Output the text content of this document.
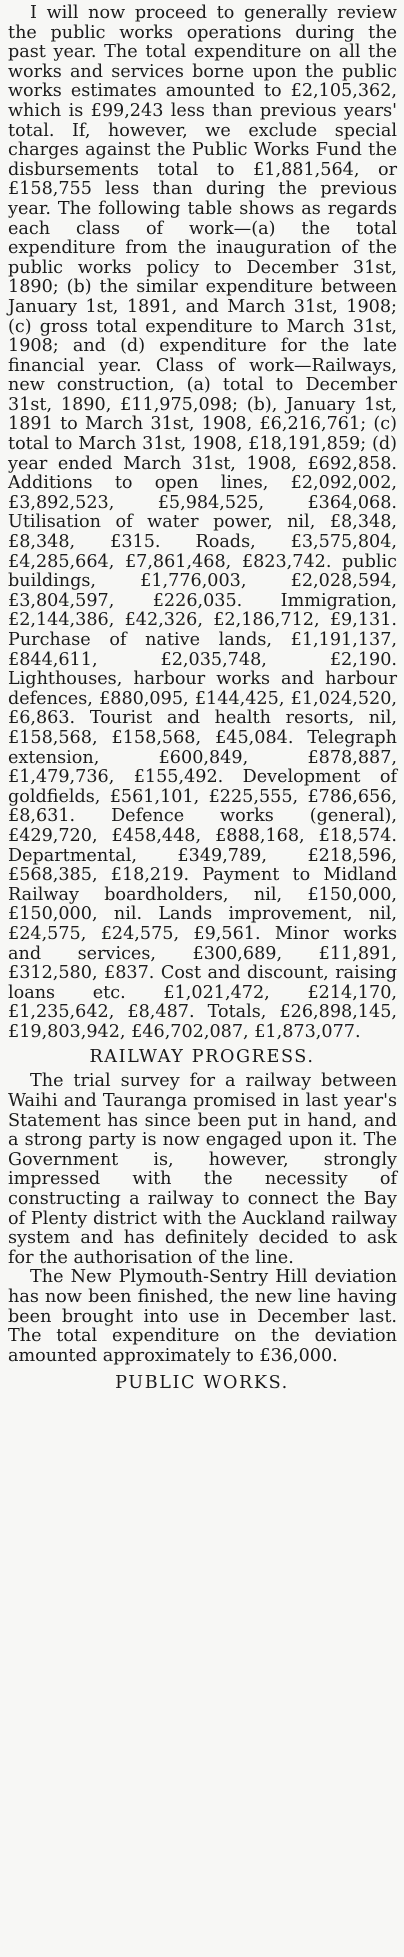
I will now proceed to generally review the public works operations during the past year. The total expenditure on all the works and services borne upon the public works estimates amounted to £2,105,362, which is £99,243 less than previous years' total. If, however, we exclude special charges against the Public Works Fund the disbursements total to £1,881,564, or £158,755 less than during the previous year. The following table shows as regards each class of work—(a) the total expenditure from the inauguration of the public works policy to December 31st, 1890; (b) the similar expenditure between January 1st, 1891, and March 31st, 1908; (c) gross total expenditure to March 31st, 1908; and (d) expenditure for the late financial year. Class of work—Railways, new construction, (a) total to December 31st, 1890, £11,975,098; (b), January 1st, 1891 to March 31st, 1908, £6,216,761; (c) total to March 31st, 1908, £18,191,859; (d) year ended March 31st, 1908, £692,858. Additions to open lines, £2,092,002, £3,892,523, £5,984,525, £364,068. Utilisation of water power, nil, £8,348, £8,348, £315. Roads, £3,575,804, £4,285,664, £7,861,468, £823,742. public buildings, £1,776,003, £2,028,594, £3,804,597, £226,035. Immigration, £2,144,386, £42,326, £2,186,712, £9,131. Purchase of native lands, £1,191,137, £844,611, £2,035,748, £2,190. Lighthouses, harbour works and harbour defences, £880,095, £144,425, £1,024,520, £6,863. Tourist and health resorts, nil, £158,568, £158,568, £45,084. Telegraph extension, £600,849, £878,887, £1,479,736, £155,492. Development of goldfields, £561,101, £225,555, £786,656, £8,631. Defence works (general), £429,720, £458,448, £888,168, £18,574. Departmental, £349,789, £218,596, £568,385, £18,219. Payment to Midland Railway boardholders, nil, £150,000, £150,000, nil. Lands improvement, nil, £24,575, £24,575, £9,561. Minor works and services, £300,689, £11,891, £312,580, £837. Cost and discount, raising loans etc. £1,021,472, £214,170, £1,235,642, £8,487. Totals, £26,898,145, £19,803,942, £46,702,087, £1,873,077.

RAILWAY PROGRESS.

The trial survey for a railway between Waihi and Tauranga promised in last year's Statement has since been put in hand, and a strong party is now engaged upon it. The Government is, however, strongly impressed with the necessity of constructing a railway to connect the Bay of Plenty district with the Auckland railway system and has definitely decided to ask for the authorisation of the line.

The New Plymouth-Sentry Hill deviation has now been finished, the new line having been brought into use in December last. The total expenditure on the deviation amounted approximately to £36,000.

PUBLIC WORKS.
